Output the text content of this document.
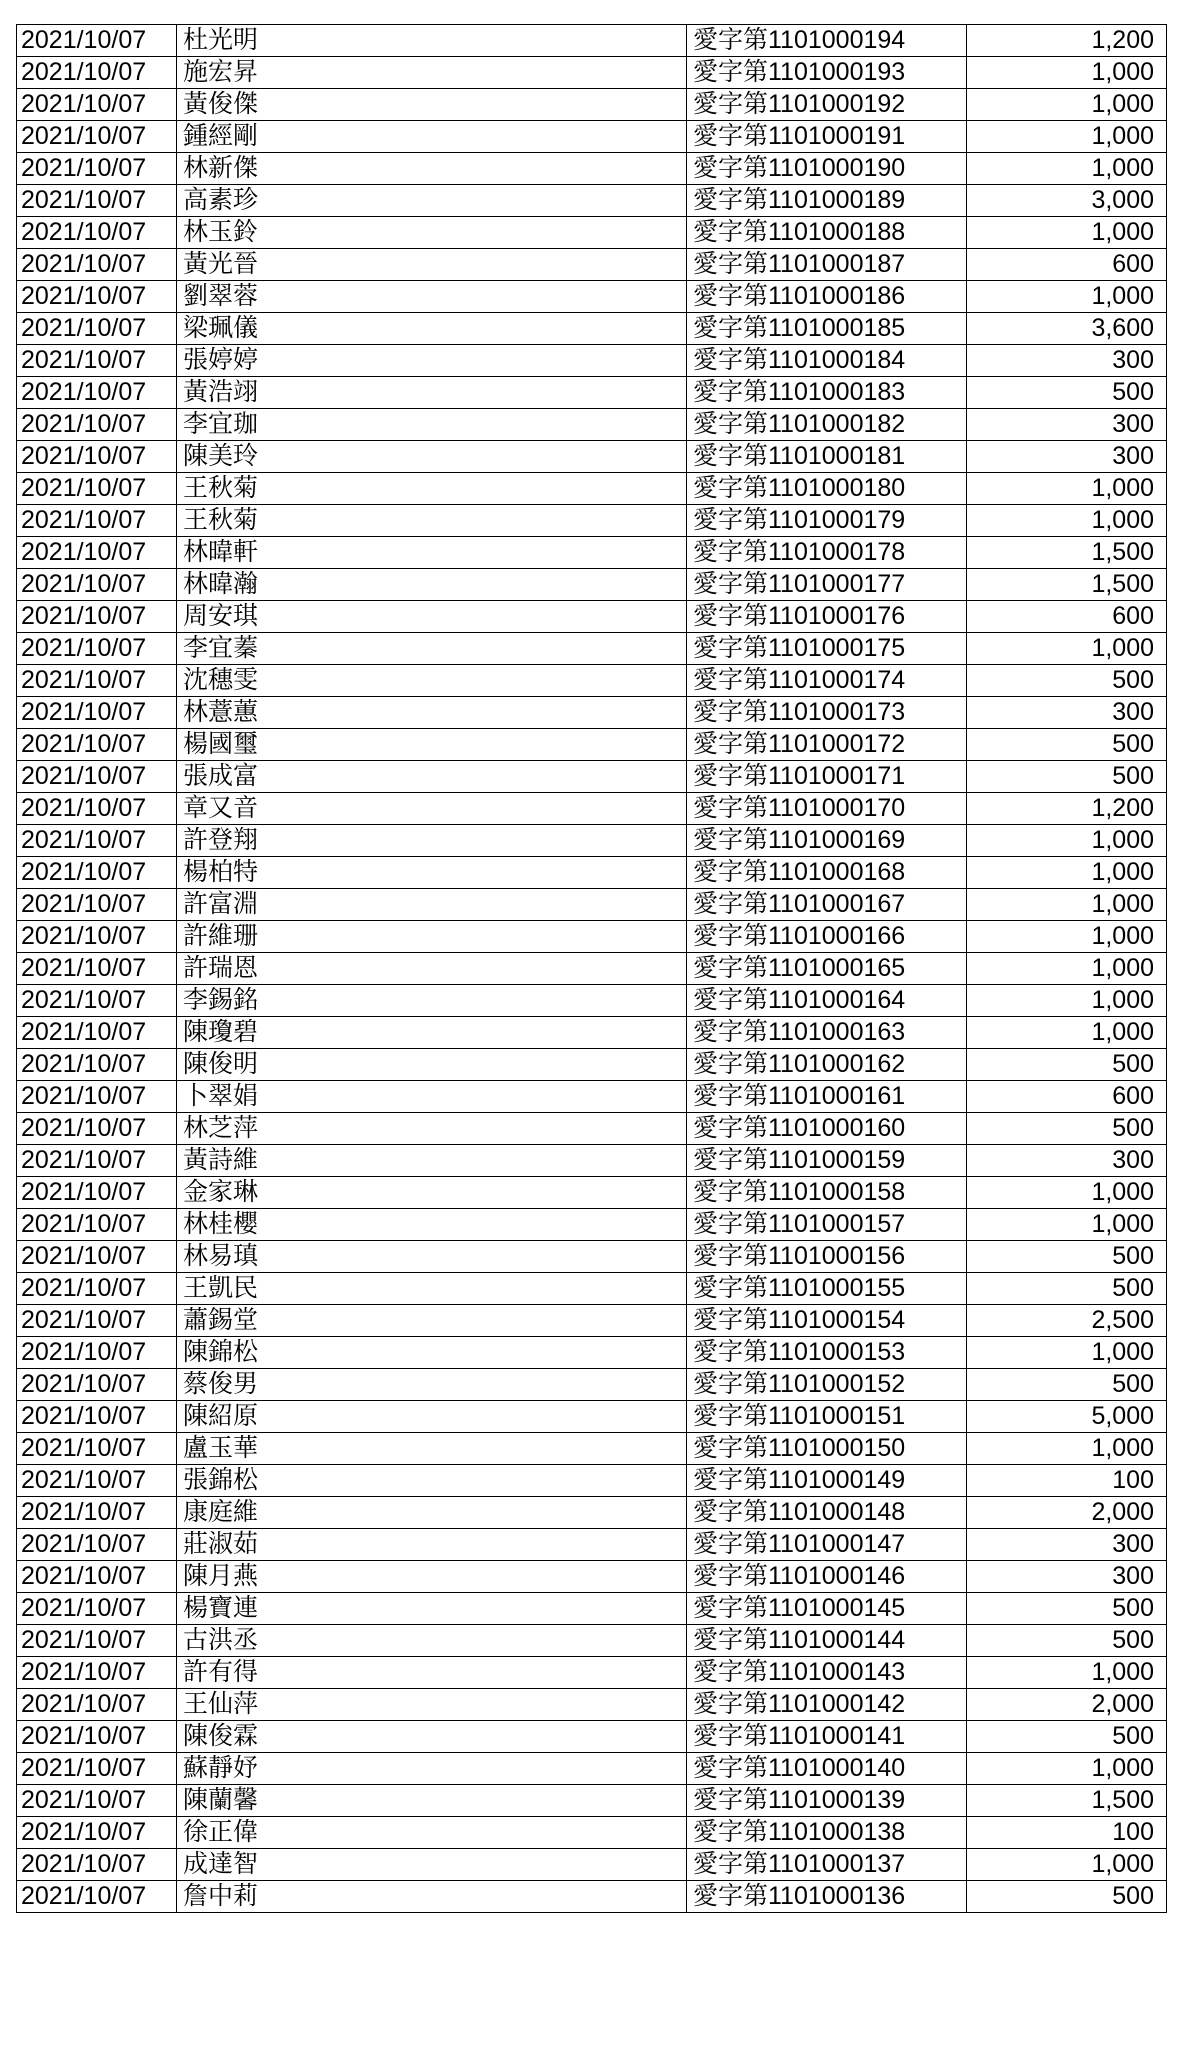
2021/10/07	杜光明	愛字第1101000194	1,200
2021/10/07	施宏昇	愛字第1101000193	1,000
2021/10/07	黃俊傑	愛字第1101000192	1,000
2021/10/07	鍾經剛	愛字第1101000191	1,000
2021/10/07	林新傑	愛字第1101000190	1,000
2021/10/07	高素珍	愛字第1101000189	3,000
2021/10/07	林玉鈴	愛字第1101000188	1,000
2021/10/07	黃光晉	愛字第1101000187	600
2021/10/07	劉翠蓉	愛字第1101000186	1,000
2021/10/07	梁珮儀	愛字第1101000185	3,600
2021/10/07	張婷婷	愛字第1101000184	300
2021/10/07	黃浩翊	愛字第1101000183	500
2021/10/07	李宜珈	愛字第1101000182	300
2021/10/07	陳美玲	愛字第1101000181	300
2021/10/07	王秋菊	愛字第1101000180	1,000
2021/10/07	王秋菊	愛字第1101000179	1,000
2021/10/07	林暐軒	愛字第1101000178	1,500
2021/10/07	林暐瀚	愛字第1101000177	1,500
2021/10/07	周安琪	愛字第1101000176	600
2021/10/07	李宜蓁	愛字第1101000175	1,000
2021/10/07	沈穗雯	愛字第1101000174	500
2021/10/07	林薏蕙	愛字第1101000173	300
2021/10/07	楊國璽	愛字第1101000172	500
2021/10/07	張成富	愛字第1101000171	500
2021/10/07	章又音	愛字第1101000170	1,200
2021/10/07	許登翔	愛字第1101000169	1,000
2021/10/07	楊柏特	愛字第1101000168	1,000
2021/10/07	許富淵	愛字第1101000167	1,000
2021/10/07	許維珊	愛字第1101000166	1,000
2021/10/07	許瑞恩	愛字第1101000165	1,000
2021/10/07	李錫銘	愛字第1101000164	1,000
2021/10/07	陳瓊碧	愛字第1101000163	1,000
2021/10/07	陳俊明	愛字第1101000162	500
2021/10/07	卜翠娟	愛字第1101000161	600
2021/10/07	林芝萍	愛字第1101000160	500
2021/10/07	黃詩維	愛字第1101000159	300
2021/10/07	金家琳	愛字第1101000158	1,000
2021/10/07	林桂櫻	愛字第1101000157	1,000
2021/10/07	林易瑱	愛字第1101000156	500
2021/10/07	王凱民	愛字第1101000155	500
2021/10/07	蕭錫堂	愛字第1101000154	2,500
2021/10/07	陳錦松	愛字第1101000153	1,000
2021/10/07	蔡俊男	愛字第1101000152	500
2021/10/07	陳紹原	愛字第1101000151	5,000
2021/10/07	盧玉華	愛字第1101000150	1,000
2021/10/07	張錦松	愛字第1101000149	100
2021/10/07	康庭維	愛字第1101000148	2,000
2021/10/07	莊淑茹	愛字第1101000147	300
2021/10/07	陳月燕	愛字第1101000146	300
2021/10/07	楊寶連	愛字第1101000145	500
2021/10/07	古洪丞	愛字第1101000144	500
2021/10/07	許有得	愛字第1101000143	1,000
2021/10/07	王仙萍	愛字第1101000142	2,000
2021/10/07	陳俊霖	愛字第1101000141	500
2021/10/07	蘇靜妤	愛字第1101000140	1,000
2021/10/07	陳蘭馨	愛字第1101000139	1,500
2021/10/07	徐正偉	愛字第1101000138	100
2021/10/07	成達智	愛字第1101000137	1,000
2021/10/07	詹中莉	愛字第1101000136	500
